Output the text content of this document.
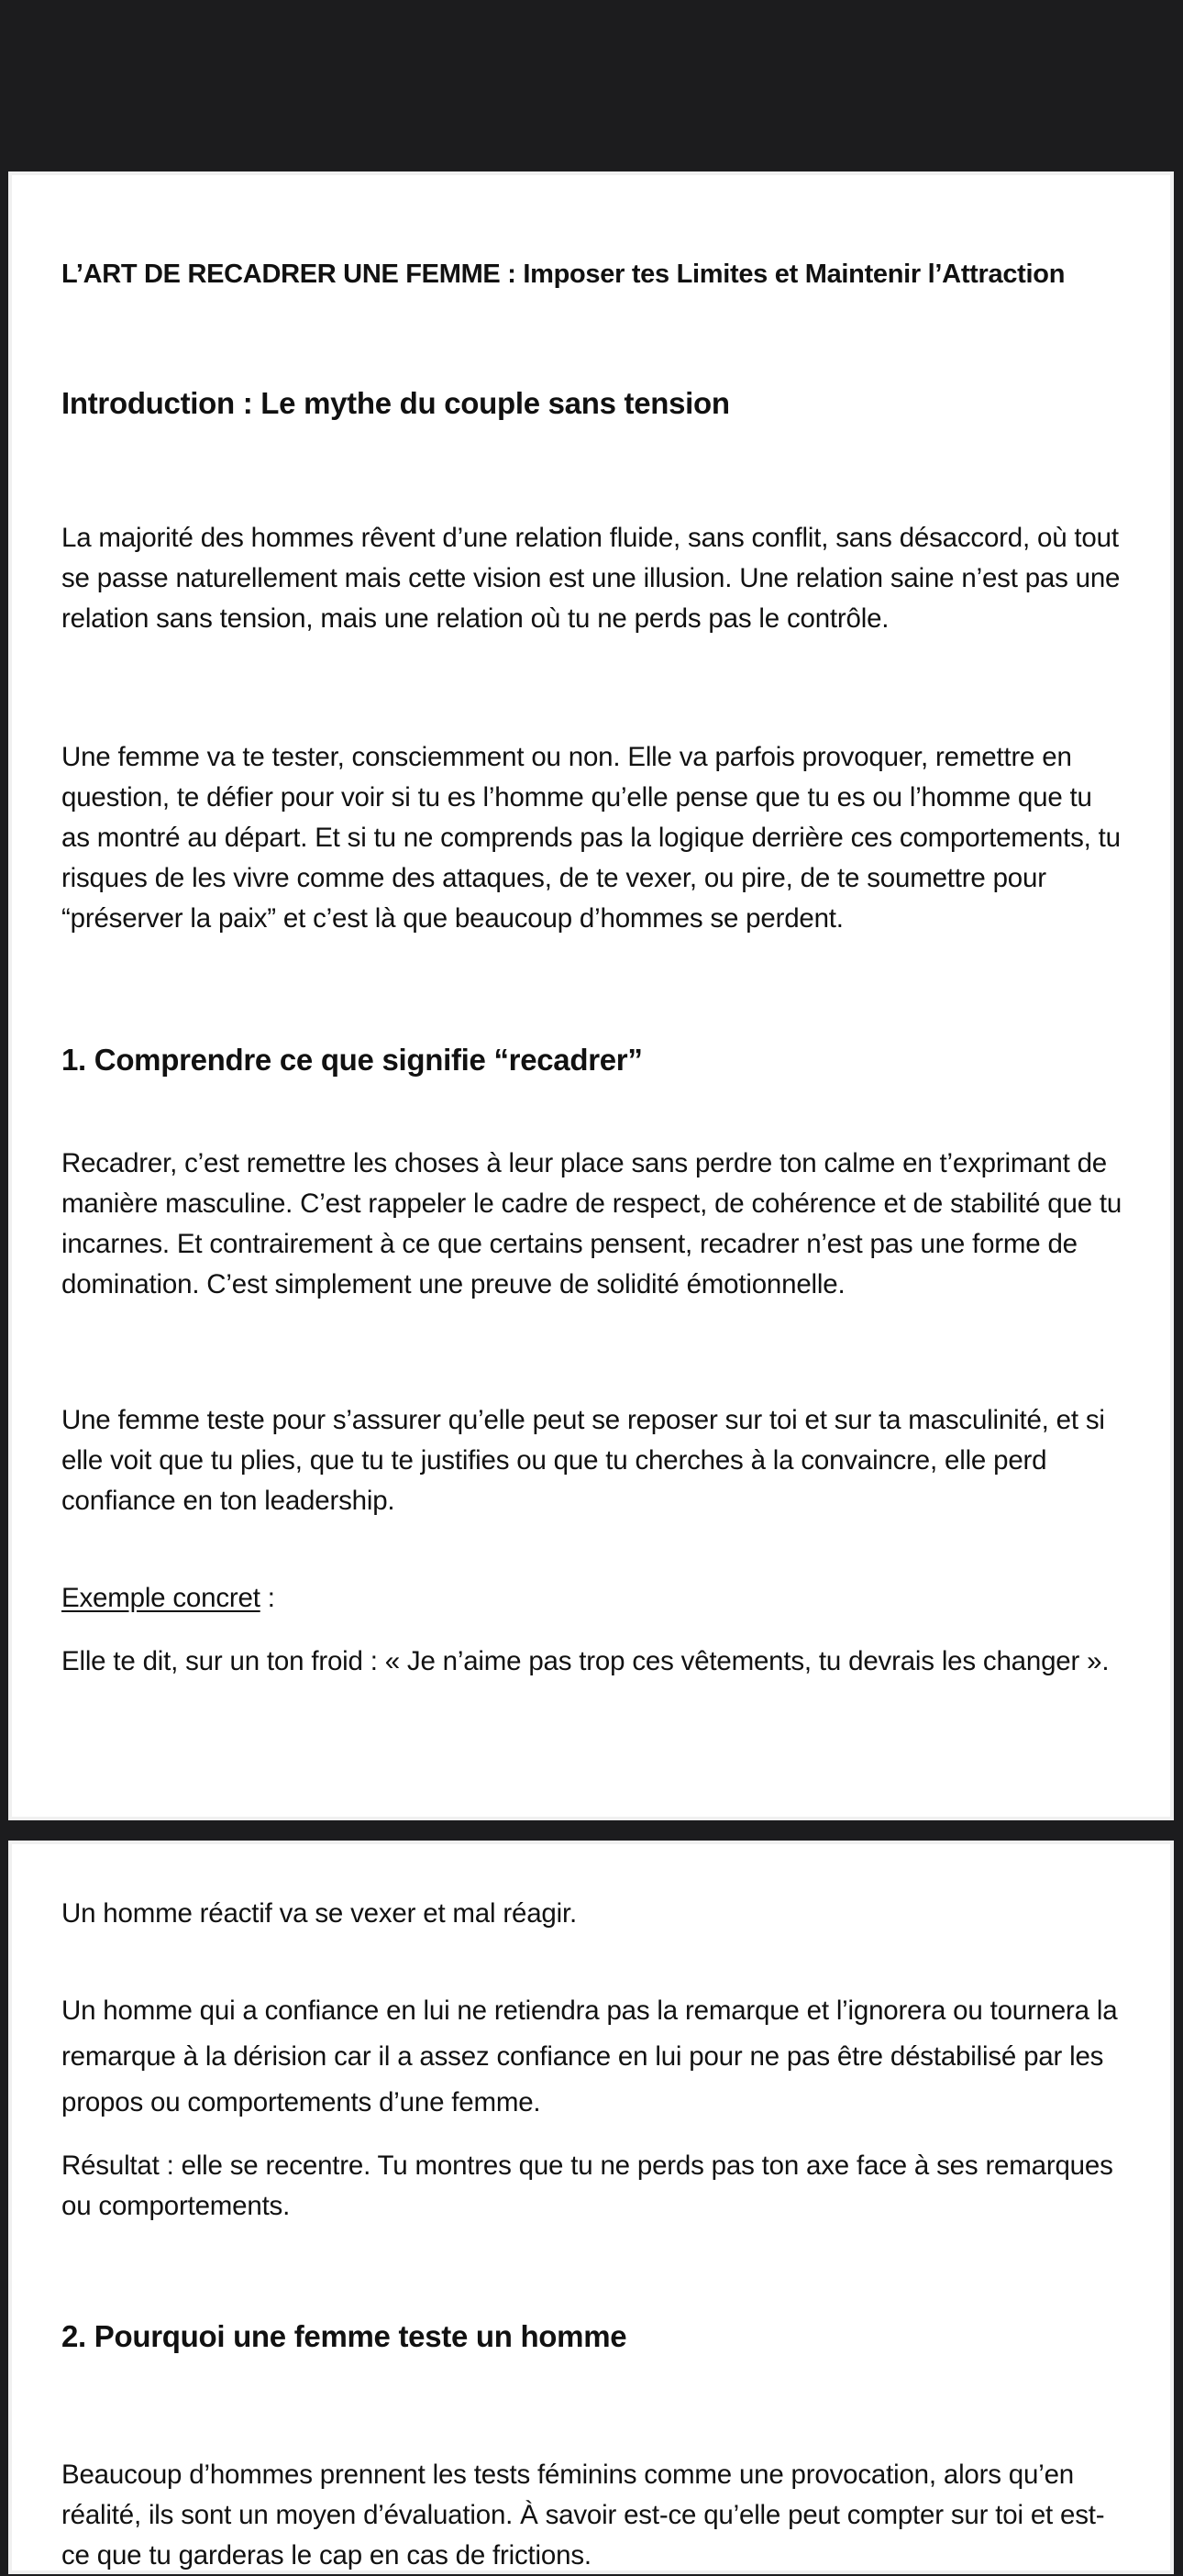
L’ART DE RECADRER UNE FEMME : Imposer tes Limites et Maintenir l’Attraction
Introduction : Le mythe du couple sans tension

La majorité des hommes rêvent d’une relation fluide, sans conflit, sans désaccord, où tout se passe naturellement mais cette vision est une illusion. Une relation saine n’est pas une relation sans tension, mais une relation où tu ne perds pas le contrôle.

Une femme va te tester, consciemment ou non. Elle va parfois provoquer, remettre en question, te défier pour voir si tu es l’homme qu’elle pense que tu es ou l’homme que tu as montré au départ. Et si tu ne comprends pas la logique derrière ces comportements, tu risques de les vivre comme des attaques, de te vexer, ou pire, de te soumettre pour “préserver la paix” et c’est là que beaucoup d’hommes se perdent.

1. Comprendre ce que signifie “recadrer”

Recadrer, c’est remettre les choses à leur place sans perdre ton calme en t’exprimant de manière masculine. C’est rappeler le cadre de respect, de cohérence et de stabilité que tu incarnes. Et contrairement à ce que certains pensent, recadrer n’est pas une forme de domination. C’est simplement une preuve de solidité émotionnelle.

Une femme teste pour s’assurer qu’elle peut se reposer sur toi et sur ta masculinité, et si elle voit que tu plies, que tu te justifies ou que tu cherches à la convaincre, elle perd confiance en ton leadership.

Exemple concret :

Elle te dit, sur un ton froid : « Je n’aime pas trop ces vêtements, tu devrais les changer ».

Un homme réactif va se vexer et mal réagir.

Un homme qui a confiance en lui ne retiendra pas la remarque et l’ignorera ou tournera la remarque à la dérision car il a assez confiance en lui pour ne pas être déstabilisé par les propos ou comportements d’une femme.

Résultat : elle se recentre. Tu montres que tu ne perds pas ton axe face à ses remarques ou comportements.

2. Pourquoi une femme teste un homme

Beaucoup d’hommes prennent les tests féminins comme une provocation, alors qu’en réalité, ils sont un moyen d’évaluation. À savoir est-ce qu’elle peut compter sur toi et est-ce que tu garderas le cap en cas de frictions.
